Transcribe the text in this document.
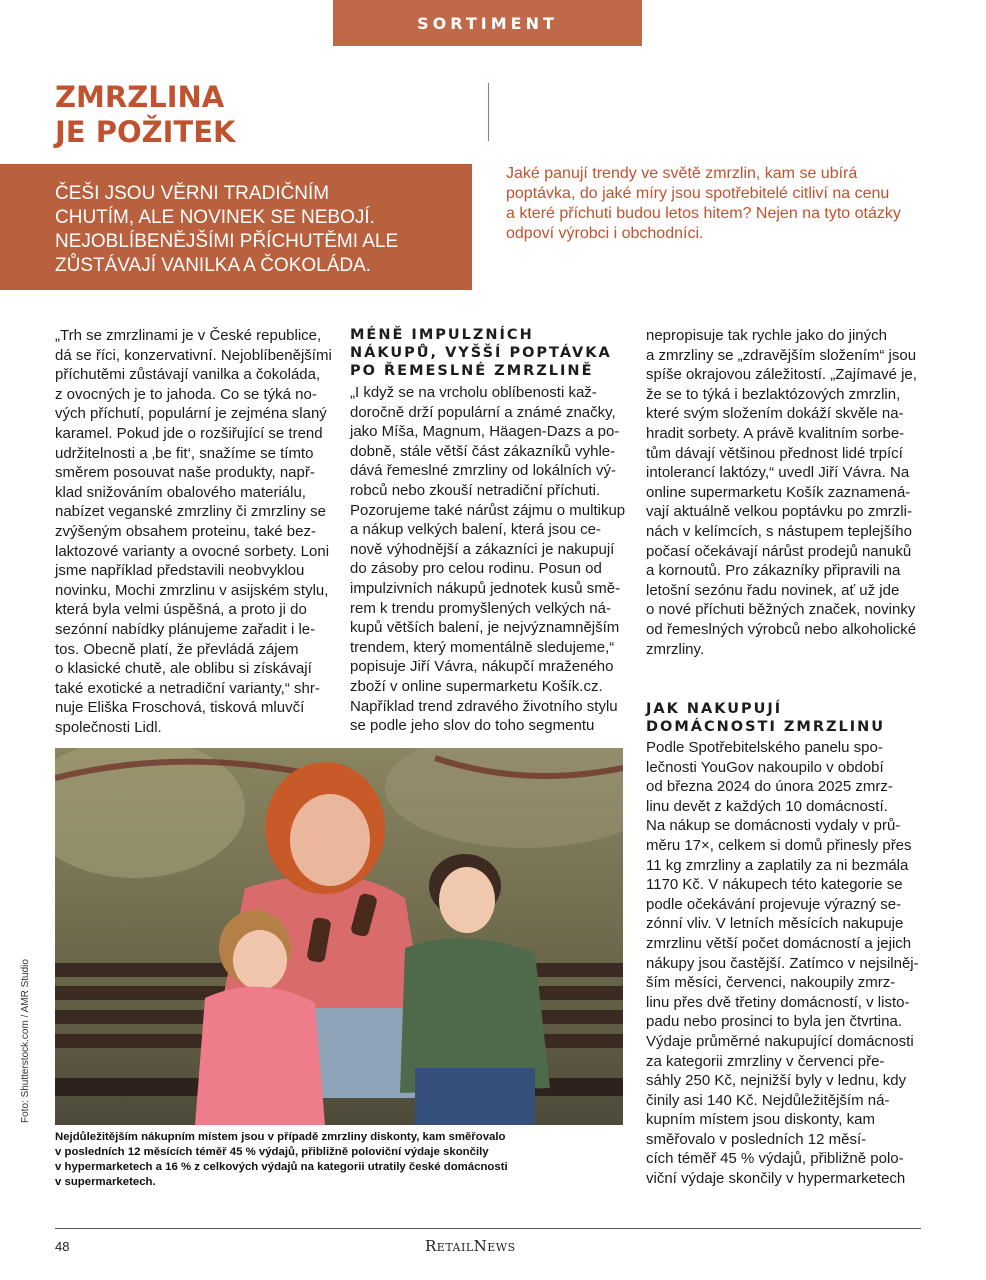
SORTIMENT
ZMRZLINA
JE POŽITEK
ČEŠI JSOU VĚRNI TRADIČNÍM
CHUTÍM, ALE NOVINEK SE NEBOJÍ.
NEJOBLÍBENĚJŠÍMI PŘÍCHUTĚMI ALE
ZŮSTÁVAJÍ VANILKA A ČOKOLÁDA.
Jaké panují trendy ve světě zmrzlin, kam se ubírá
poptávka, do jaké míry jsou spotřebitelé citliví na cenu
a které příchuti budou letos hitem? Nejen na tyto otázky
odpoví výrobci i obchodníci.
„Trh se zmrzlinami je v České republice,
dá se říci, konzervativní. Nejoblíbenějšími
příchutěmi zůstávají vanilka a čokoláda,
z ovocných je to jahoda. Co se týká no-
vých příchutí, populární je zejména slaný
karamel. Pokud jde o rozšiřující se trend
udržitelnosti a ‚be fit‘, snažíme se tímto
směrem posouvat naše produkty, např-
klad snižováním obalového materiálu,
nabízet veganské zmrzliny či zmrzliny se
zvýšeným obsahem proteinu, také bez-
laktozové varianty a ovocné sorbety. Loni
jsme například představili neobvyklou
novinku, Mochi zmrzlinu v asijském stylu,
která byla velmi úspěšná, a proto ji do
sezónní nabídky plánujeme zařadit i le-
tos. Obecně platí, že převládá zájem
o klasické chutě, ale oblibu si získávají
také exotické a netradiční varianty,“ shr-
nuje Eliška Froschová, tisková mluvčí
společnosti Lidl.
MÉNĚ IMPULZNÍCH
NÁKUPŮ, VYŠŠÍ POPTÁVKA
PO ŘEMESLNÉ ZMRZLINĚ
„I když se na vrcholu oblíbenosti kaž-
doročně drží populární a známé značky,
jako Míša, Magnum, Häagen-Dazs a po-
dobně, stále větší část zákazníků vyhle-
dává řemeslné zmrzliny od lokálních vý-
robců nebo zkouší netradiční příchuti.
Pozorujeme také nárůst zájmu o multikup
a nákup velkých balení, která jsou ce-
nově výhodnější a zákazníci je nakupují
do zásoby pro celou rodinu. Posun od
impulzivních nákupů jednotek kusů smě-
rem k trendu promyšlených velkých ná-
kupů větších balení, je nejvýznamnějším
trendem, který momentálně sledujeme,“
popisuje Jiří Vávra, nákupčí mraženého
zboží v online supermarketu Košík.cz.
Například trend zdravého životního stylu
se podle jeho slov do toho segmentu
nepropisuje tak rychle jako do jiných
a zmrzliny se „zdravějším složením“ jsou
spíše okrajovou záležitostí. „Zajímavé je,
že se to týká i bezlaktózových zmrzlin,
které svým složením dokáží skvěle na-
hradit sorbety. A právě kvalitním sorbe-
tům dávají většinou přednost lidé trpící
intolerancí laktózy,“ uvedl Jiří Vávra. Na
online supermarketu Košík zaznamená-
vají aktuálně velkou poptávku po zmrzli-
nách v kelímcích, s nástupem teplejšího
počasí očekávají nárůst prodejů nanuků
a kornoutů. Pro zákazníky připravili na
letošní sezónu řadu novinek, ať už jde
o nové příchuti běžných značek, novinky
od řemeslných výrobců nebo alkoholické
zmrzliny.
JAK NAKUPUJÍ
DOMÁCNOSTI ZMRZLINU
Podle Spotřebitelského panelu spo-
lečnosti YouGov nakoupilo v období
od března 2024 do února 2025 zmrz-
linu devět z každých 10 domácností.
Na nákup se domácnosti vydaly v prů-
měru 17×, celkem si domů přinesly přes
11 kg zmrzliny a zaplatily za ni bezmála
1170 Kč. V nákupech této kategorie se
podle očekávání projevuje výrazný se-
zónní vliv. V letních měsících nakupuje
zmrzlinu větší počet domácností a jejich
nákupy jsou častější. Zatímco v nejsilněj-
ším měsíci, červenci, nakoupily zmrz-
linu přes dvě třetiny domácností, v listo-
padu nebo prosinci to byla jen čtvrtina.
Výdaje průměrné nakupující domácnosti
za kategorii zmrzliny v červenci pře-
sáhly 250 Kč, nejnižší byly v lednu, kdy
činily asi 140 Kč. Nejdůležitějším ná-
kupním místem jsou diskonty, kam
směřovalo v posledních 12 měsí-
cích téměř 45 % výdajů, přibližně polo-
viční výdaje skončily v hypermarketech
Foto: Shutterstock.com / AMR Studio
Nejdůležitějším nákupním místem jsou v případě zmrzliny diskonty, kam směřovalo
v posledních 12 měsících téměř 45 % výdajů, přibližně poloviční výdaje skončily
v hypermarketech a 16 % z celkových výdajů na kategorii utratily české domácnosti
v supermarketech.
48	RetailNews
